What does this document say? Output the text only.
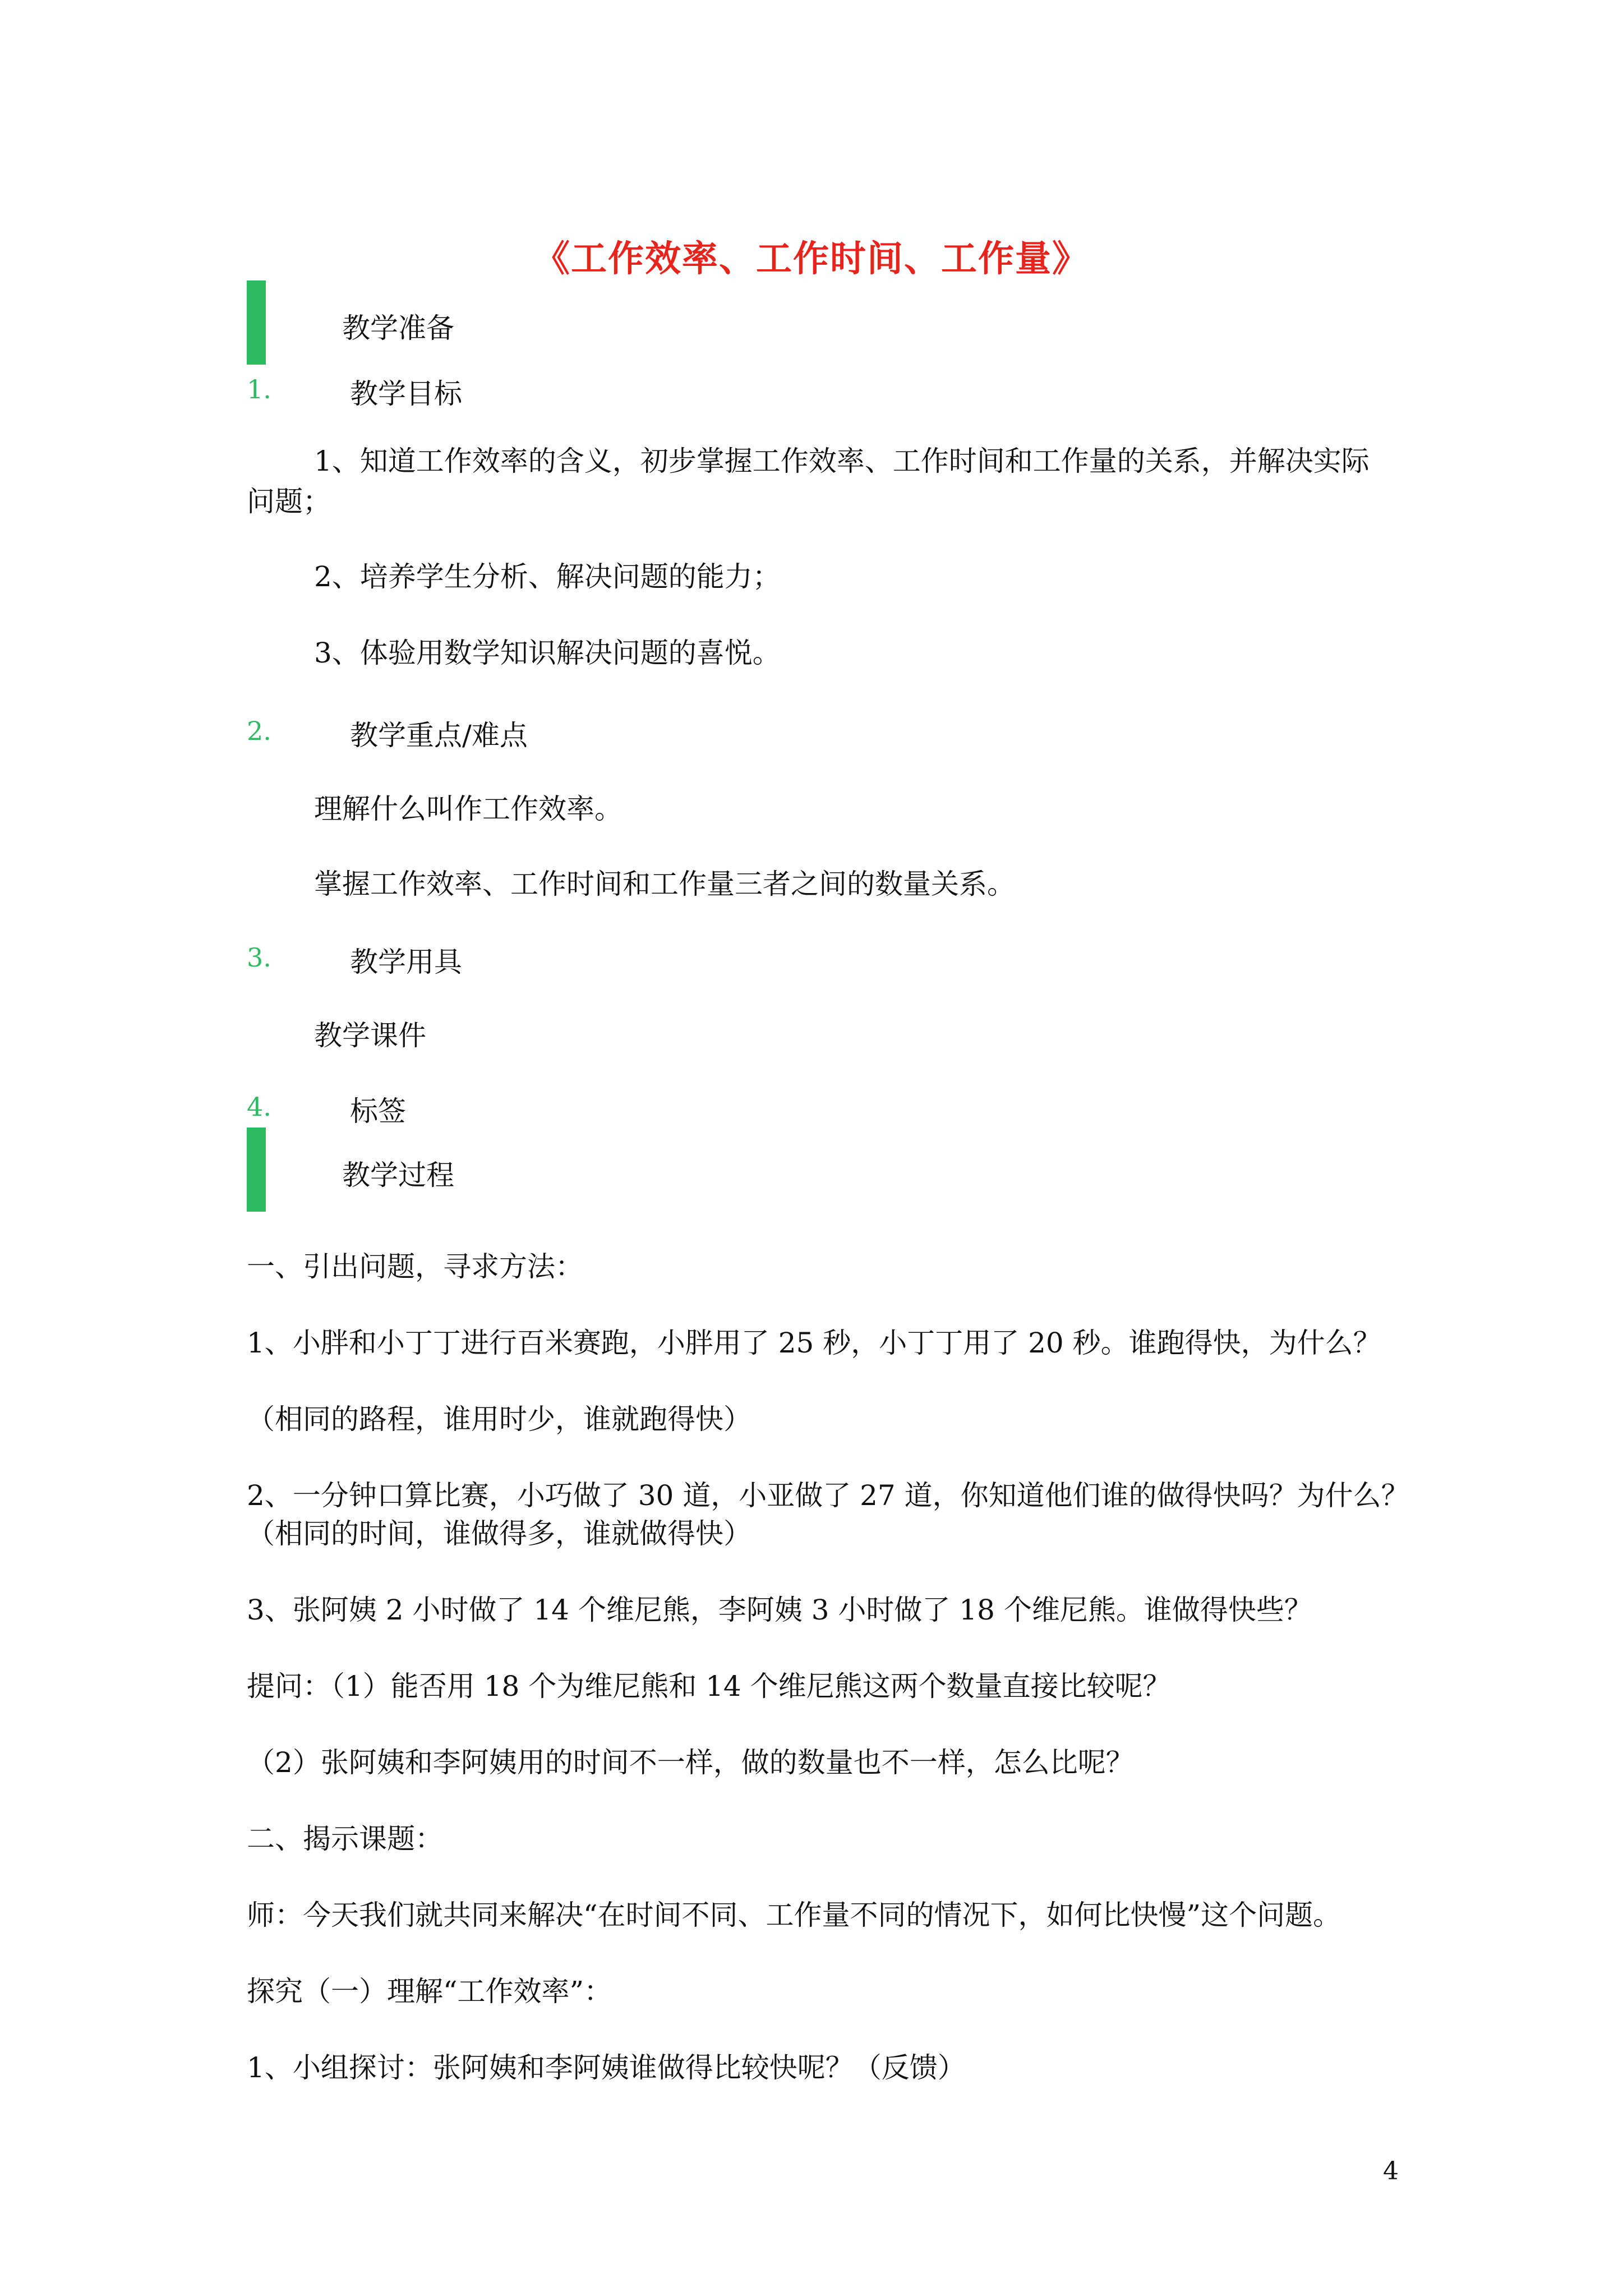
《工作效率、工作时间、工作量》
教学准备
1.	教学目标
1、知道工作效率的含义，初步掌握工作效率、工作时间和工作量的关系，并解决实际问题；
2、培养学生分析、解决问题的能力；
3、体验用数学知识解决问题的喜悦。
2.	教学重点/难点
理解什么叫作工作效率。
掌握工作效率、工作时间和工作量三者之间的数量关系。
3.	教学用具
教学课件
4.	标签
教学过程
一、引出问题，寻求方法：
1、小胖和小丁丁进行百米赛跑，小胖用了 25 秒，小丁丁用了 20 秒。谁跑得快，为什么？
（相同的路程，谁用时少，谁就跑得快）
2、一分钟口算比赛，小巧做了 30 道，小亚做了 27 道，你知道他们谁的做得快吗？为什么？
（相同的时间，谁做得多，谁就做得快）
3、张阿姨 2 小时做了 14 个维尼熊，李阿姨 3 小时做了 18 个维尼熊。谁做得快些？
提问：（1）能否用 18 个为维尼熊和 14 个维尼熊这两个数量直接比较呢？
（2）张阿姨和李阿姨用的时间不一样，做的数量也不一样，怎么比呢？
二、揭示课题：
师：今天我们就共同来解决“在时间不同、工作量不同的情况下，如何比快慢”这个问题。
探究（一）理解“工作效率”：
1、小组探讨：张阿姨和李阿姨谁做得比较快呢？（反馈）
4
